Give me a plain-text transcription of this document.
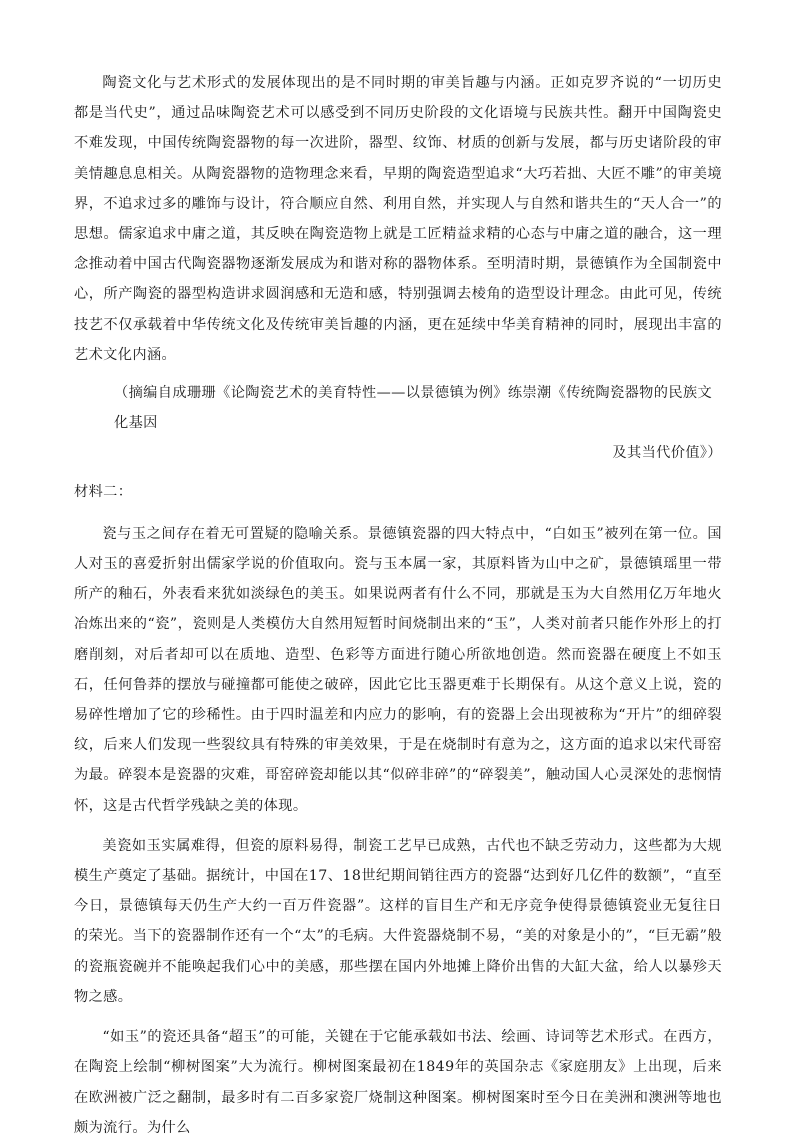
陶瓷文化与艺术形式的发展体现出的是不同时期的审美旨趣与内涵。正如克罗齐说的“一切历史都是当代史”，通过品味陶瓷艺术可以感受到不同历史阶段的文化语境与民族共性。翻开中国陶瓷史不难发现，中国传统陶瓷器物的每一次进阶，器型、纹饰、材质的创新与发展，都与历史诸阶段的审美情趣息息相关。从陶瓷器物的造物理念来看，早期的陶瓷造型追求“大巧若拙、大匠不雕”的审美境界，不追求过多的雕饰与设计，符合顺应自然、利用自然，并实现人与自然和谐共生的“天人合一”的思想。儒家追求中庸之道，其反映在陶瓷造物上就是工匠精益求精的心态与中庸之道的融合，这一理念推动着中国古代陶瓷器物逐渐发展成为和谐对称的器物体系。至明清时期，景德镇作为全国制瓷中心，所产陶瓷的器型构造讲求圆润感和无造和感，特别强调去棱角的造型设计理念。由此可见，传统技艺不仅承载着中华传统文化及传统审美旨趣的内涵，更在延续中华美育精神的同时，展现出丰富的艺术文化内涵。

（摘编自成珊珊《论陶瓷艺术的美育特性——以景德镇为例》练崇潮《传统陶瓷器物的民族文化基因
及其当代价值》）

材料二：

瓷与玉之间存在着无可置疑的隐喻关系。景德镇瓷器的四大特点中，“白如玉”被列在第一位。国人对玉的喜爱折射出儒家学说的价值取向。瓷与玉本属一家，其原料皆为山中之矿，景德镇瑶里一带所产的釉石，外表看来犹如淡绿色的美玉。如果说两者有什么不同，那就是玉为大自然用亿万年地火冶炼出来的“瓷”，瓷则是人类模仿大自然用短暂时间烧制出来的“玉”，人类对前者只能作外形上的打磨削刻，对后者却可以在质地、造型、色彩等方面进行随心所欲地创造。然而瓷器在硬度上不如玉石，任何鲁莽的摆放与碰撞都可能使之破碎，因此它比玉器更难于长期保有。从这个意义上说，瓷的易碎性增加了它的珍稀性。由于四时温差和内应力的影响，有的瓷器上会出现被称为“开片”的细碎裂纹，后来人们发现一些裂纹具有特殊的审美效果，于是在烧制时有意为之，这方面的追求以宋代哥窑为最。碎裂本是瓷器的灾难，哥窑碎瓷却能以其“似碎非碎”的“碎裂美”，触动国人心灵深处的悲悯情怀，这是古代哲学残缺之美的体现。

美瓷如玉实属难得，但瓷的原料易得，制瓷工艺早已成熟，古代也不缺乏劳动力，这些都为大规模生产奠定了基础。据统计，中国在17、18世纪期间销往西方的瓷器“达到好几亿件的数额”，“直至今日，景德镇每天仍生产大约一百万件瓷器”。这样的盲目生产和无序竞争使得景德镇瓷业无复往日的荣光。当下的瓷器制作还有一个“太”的毛病。大件瓷器烧制不易，“美的对象是小的”，“巨无霸”般的瓷瓶瓷碗并不能唤起我们心中的美感，那些摆在国内外地摊上降价出售的大缸大盆，给人以暴殄天物之感。

“如玉”的瓷还具备“超玉”的可能，关键在于它能承载如书法、绘画、诗词等艺术形式。在西方，在陶瓷上绘制“柳树图案”大为流行。柳树图案最初在1849年的英国杂志《家庭朋友》上出现，后来在欧洲被广泛之翻制，最多时有二百多家瓷厂烧制这种图案。柳树图案时至今日在美洲和澳洲等地也颇为流行。为什么
